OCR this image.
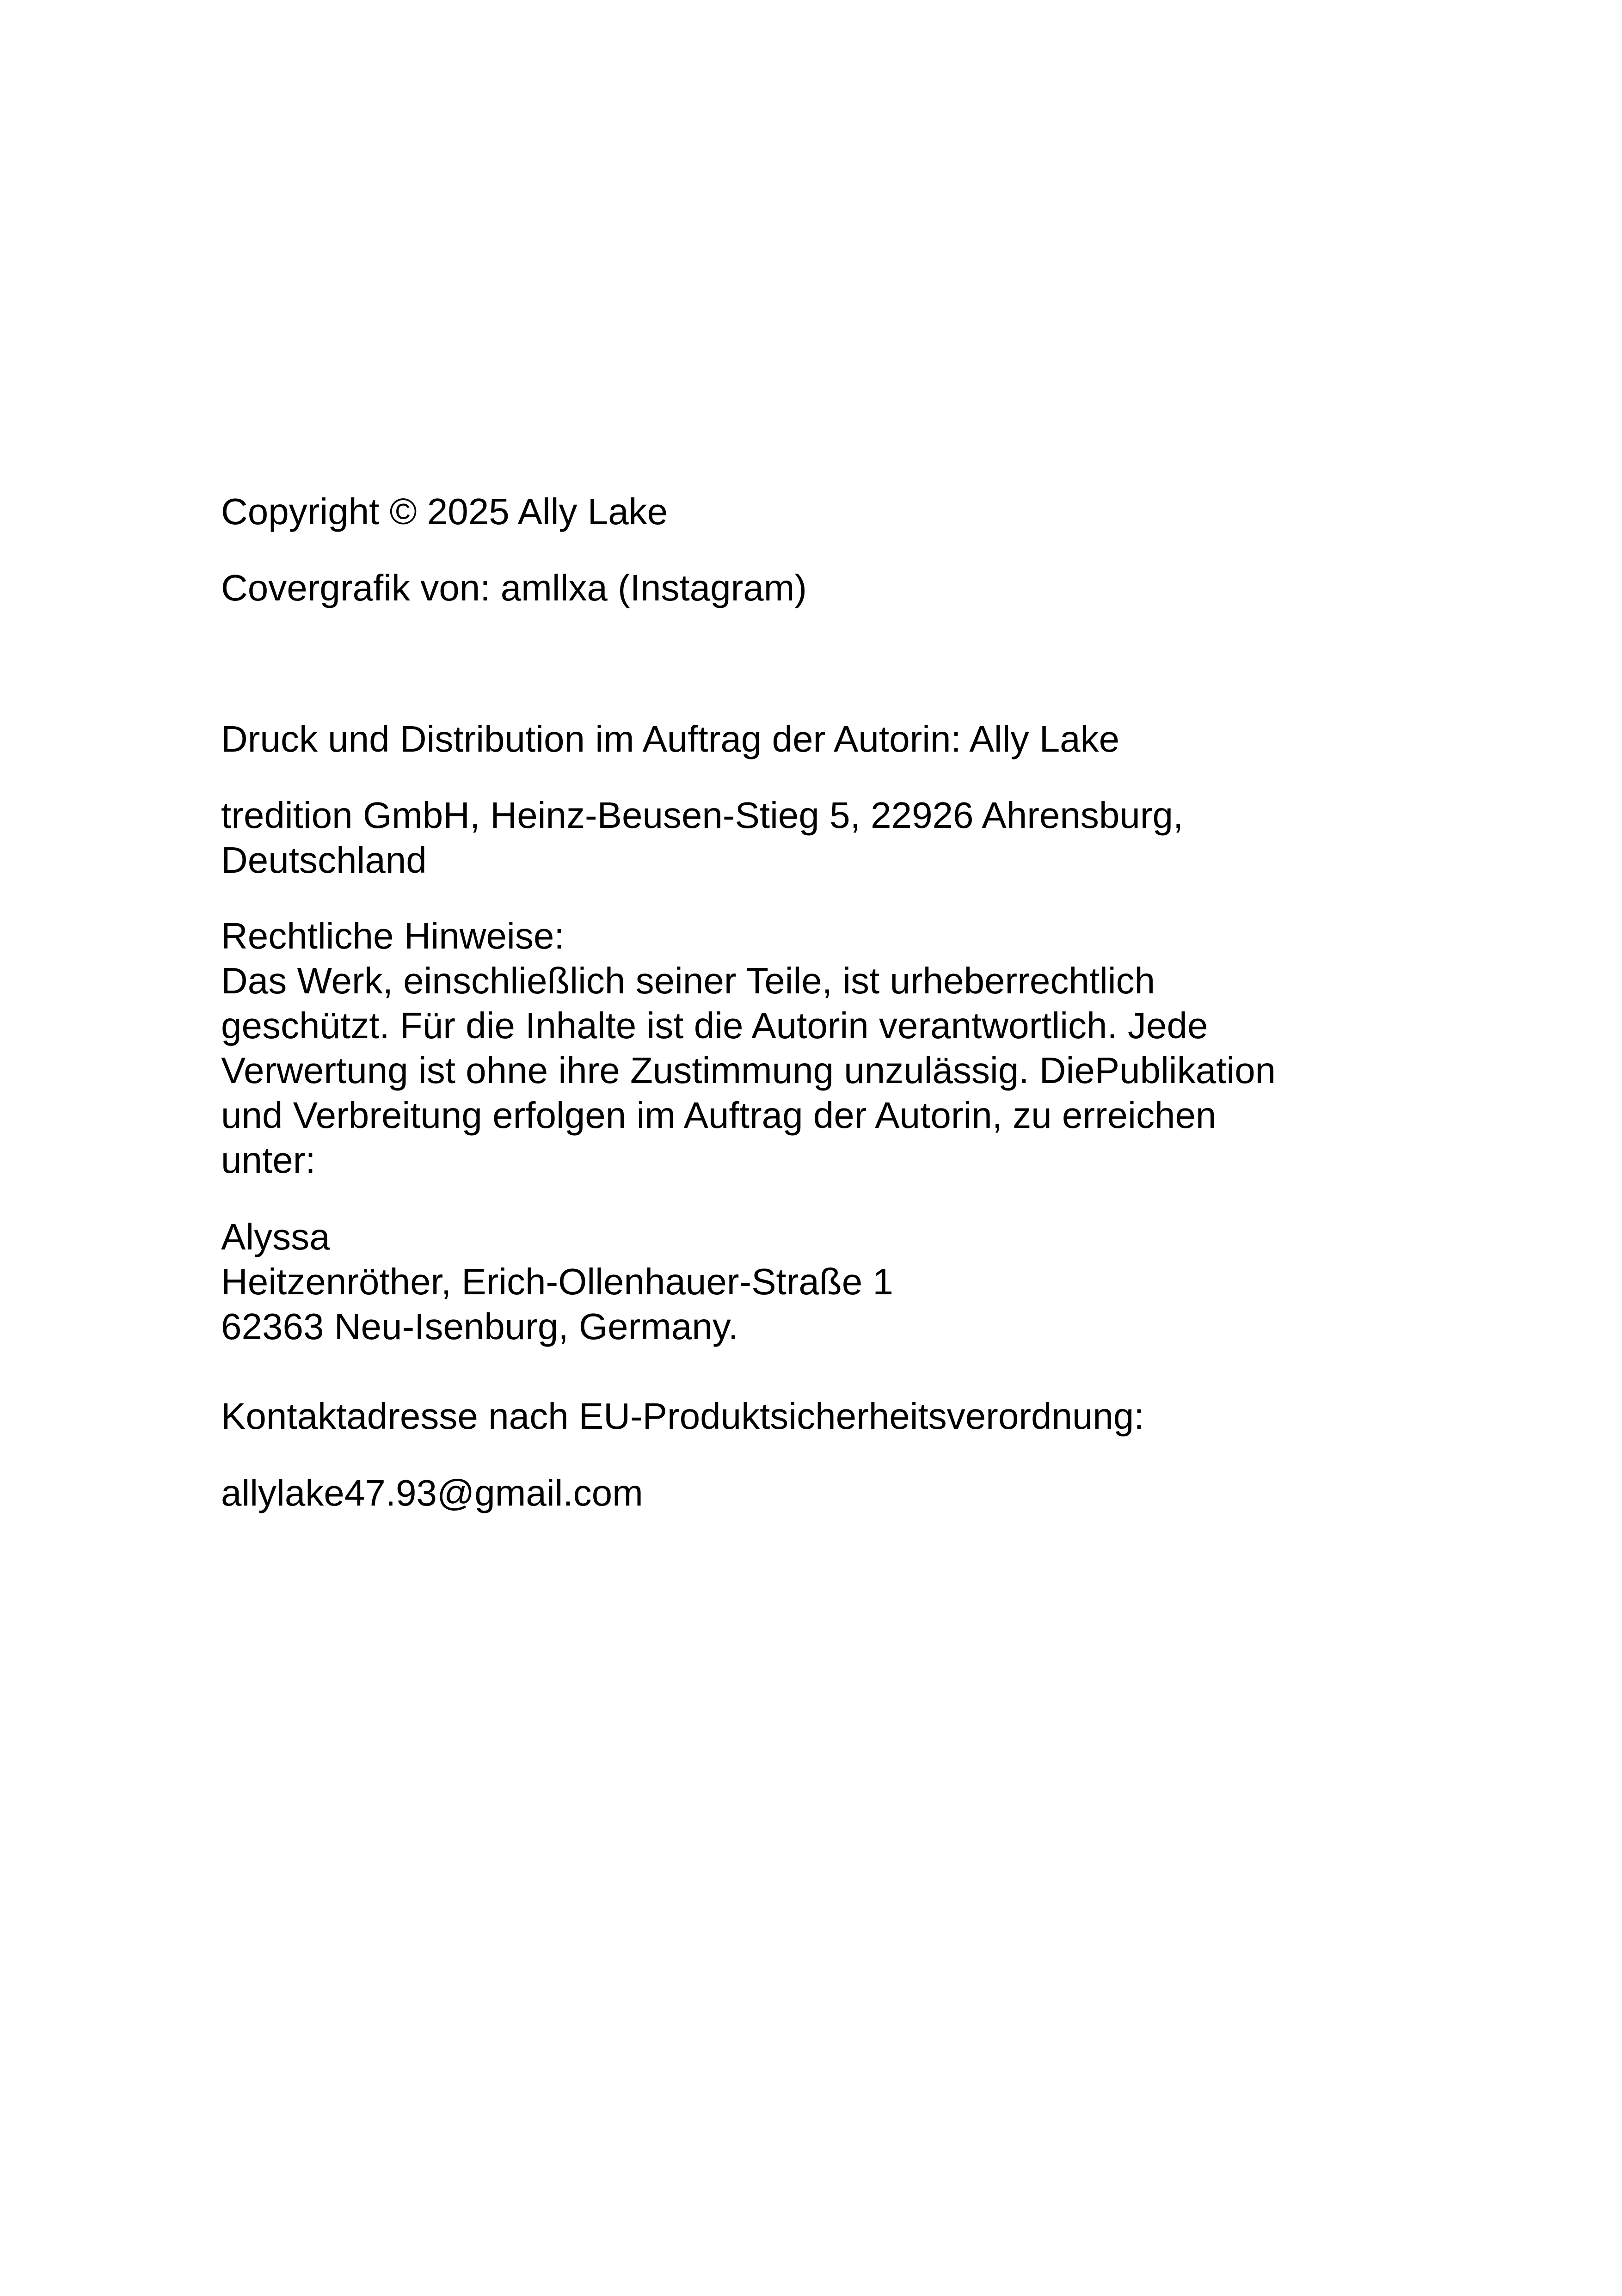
Copyright © 2025 Ally Lake

Covergrafik von: amllxa (Instagram)

Druck und Distribution im Auftrag der Autorin: Ally Lake

tredition GmbH, Heinz-Beusen-Stieg 5, 22926 Ahrensburg,

Deutschland

Rechtliche Hinweise:

Das Werk, einschließlich seiner Teile, ist urheberrechtlich

geschützt. Für die Inhalte ist die Autorin verantwortlich. Jede

Verwertung ist ohne ihre Zustimmung unzulässig. DiePublikation

und Verbreitung erfolgen im Auftrag der Autorin, zu erreichen

unter:

Alyssa

Heitzenröther, Erich-Ollenhauer-Straße 1

62363 Neu-Isenburg, Germany.

Kontaktadresse nach EU-Produktsicherheitsverordnung:

allylake47.93@gmail.com
